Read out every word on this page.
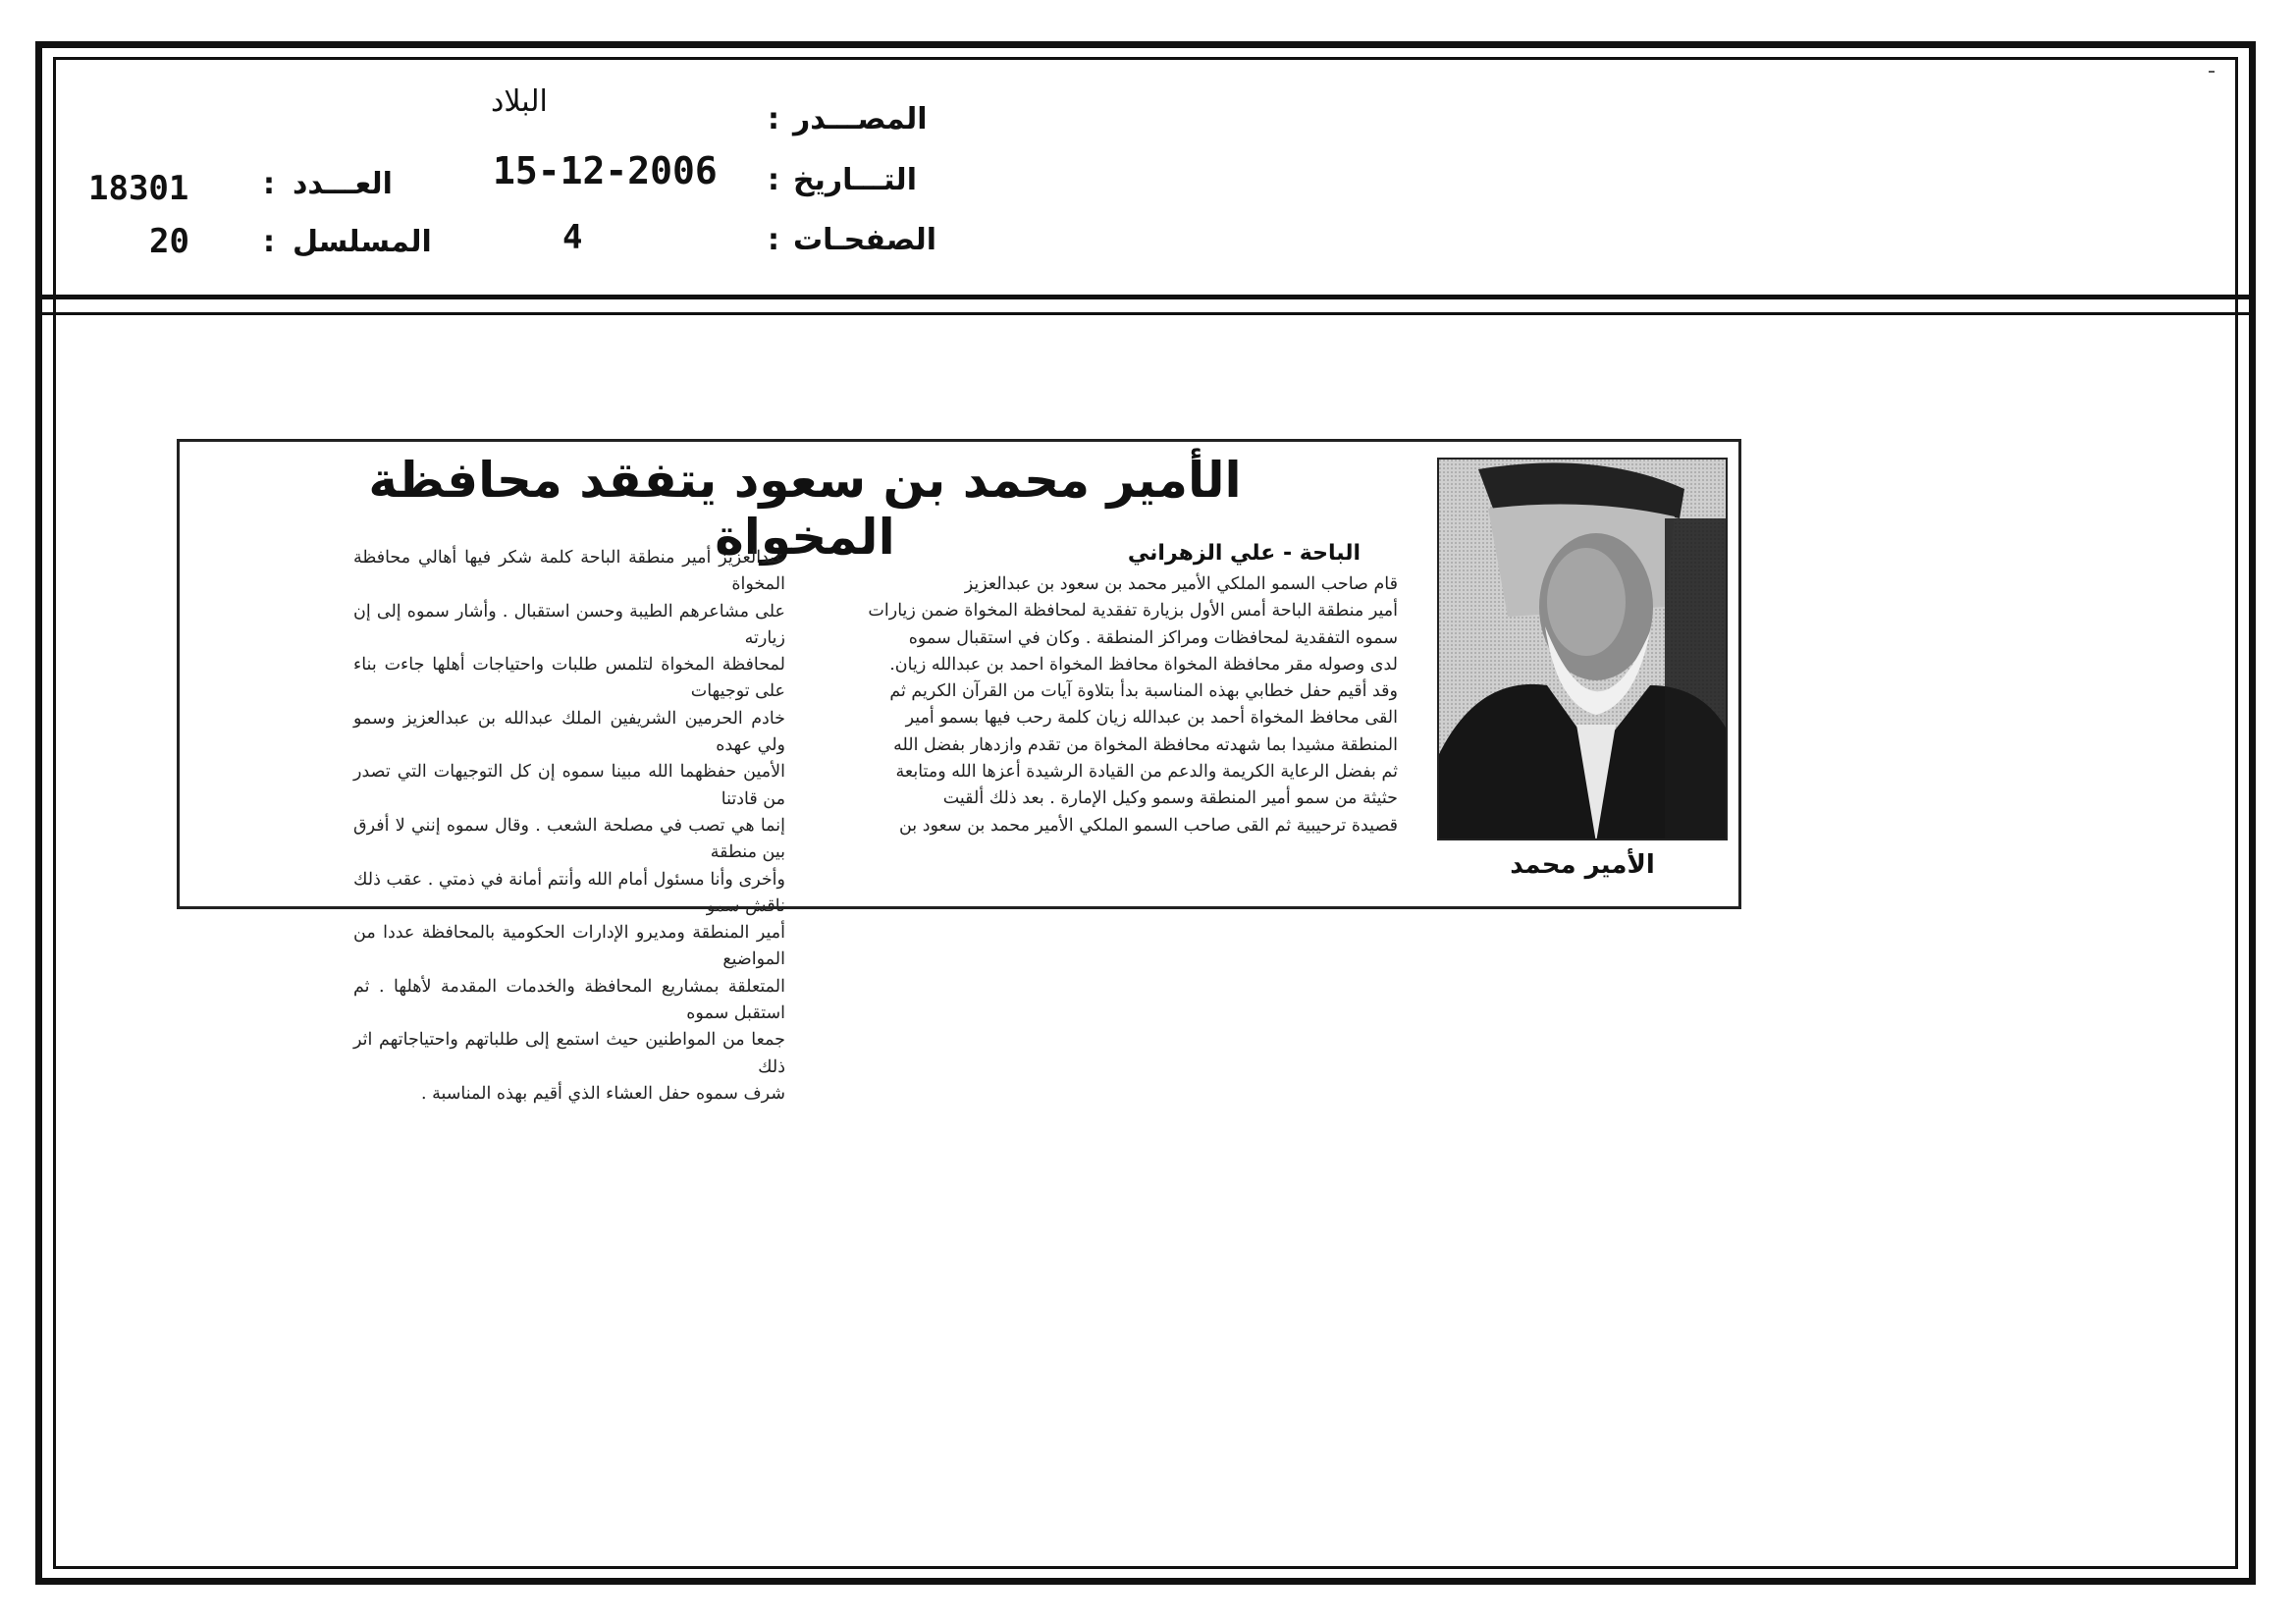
المصـــدر
:
البلاد
التـــاريخ
:
15-12-2006
الصفحـات
:
4
العـــدد
:
18301
المسلسل
:
20
الأمير محمد
الأمير محمد بن سعود يتفقد محافظة المخواة	الباحة - علي الزهراني
قام صاحب السمو الملكي الأمير محمد بن سعود بن عبدالعزيز
أمير منطقة الباحة أمس الأول بزيارة تفقدية لمحافظة المخواة ضمن زيارات
سموه التفقدية لمحافظات ومراكز المنطقة . وكان في استقبال سموه
لدى وصوله مقر محافظة المخواة محافظ المخواة احمد بن عبدالله زيان.
وقد أقيم حفل خطابي بهذه المناسبة بدأ بتلاوة آيات من القرآن الكريم ثم
القى محافظ المخواة أحمد بن عبدالله زيان كلمة رحب فيها بسمو أمير
المنطقة مشيدا بما شهدته محافظة المخواة من تقدم وازدهار بفضل الله
ثم بفضل الرعاية الكريمة والدعم من القيادة الرشيدة أعزها الله ومتابعة
حثيثة من سمو أمير المنطقة وسمو وكيل الإمارة . بعد ذلك ألقيت
قصيدة ترحيبية ثم القى صاحب السمو الملكي الأمير محمد بن سعود بن
عبدالعزيز أمير منطقة الباحة كلمة شكر فيها أهالي محافظة المخواة
على مشاعرهم الطيبة وحسن استقبال . وأشار سموه إلى إن زيارته
لمحافظة المخواة لتلمس طلبات واحتياجات أهلها جاءت بناء على توجيهات
خادم الحرمين الشريفين الملك عبدالله بن عبدالعزيز وسمو ولي عهده
الأمين حفظهما الله مبينا سموه إن كل التوجيهات التي تصدر من قادتنا
إنما هي تصب في مصلحة الشعب . وقال سموه إنني لا أفرق بين منطقة
وأخرى وأنا مسئول أمام الله وأنتم أمانة في ذمتي . عقب ذلك ناقش سمو
أمير المنطقة ومديرو الإدارات الحكومية بالمحافظة عددا من المواضيع
المتعلقة بمشاريع المحافظة والخدمات المقدمة لأهلها . ثم استقبل سموه
جمعا من المواطنين حيث استمع إلى طلباتهم واحتياجاتهم اثر ذلك
شرف سموه حفل العشاء الذي أقيم بهذه المناسبة .
